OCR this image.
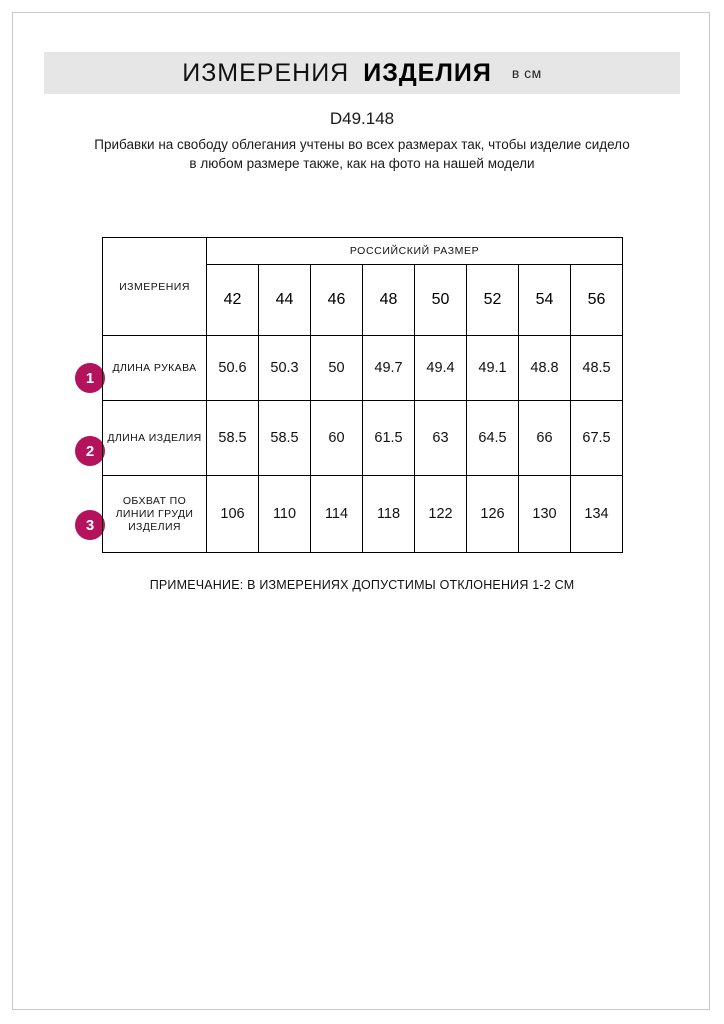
ИЗМЕРЕНИЯ ИЗДЕЛИЯ в см
D49.148
Прибавки на свободу облегания учтены во всех размерах так, чтобы изделие сидело в любом размере также, как на фото на нашей модели
1
2
3
ИЗМЕРЕНИЯ	РОССИЙСКИЙ РАЗМЕР							
	42	44	46	48	50	52	54	56
ДЛИНА РУКАВА	50.6	50.3	50	49.7	49.4	49.1	48.8	48.5
ДЛИНА ИЗДЕЛИЯ	58.5	58.5	60	61.5	63	64.5	66	67.5
ОБХВАТ ПО ЛИНИИ ГРУДИ ИЗДЕЛИЯ	106	110	114	118	122	126	130	134
ПРИМЕЧАНИЕ: В ИЗМЕРЕНИЯХ ДОПУСТИМЫ ОТКЛОНЕНИЯ 1-2 СМ
